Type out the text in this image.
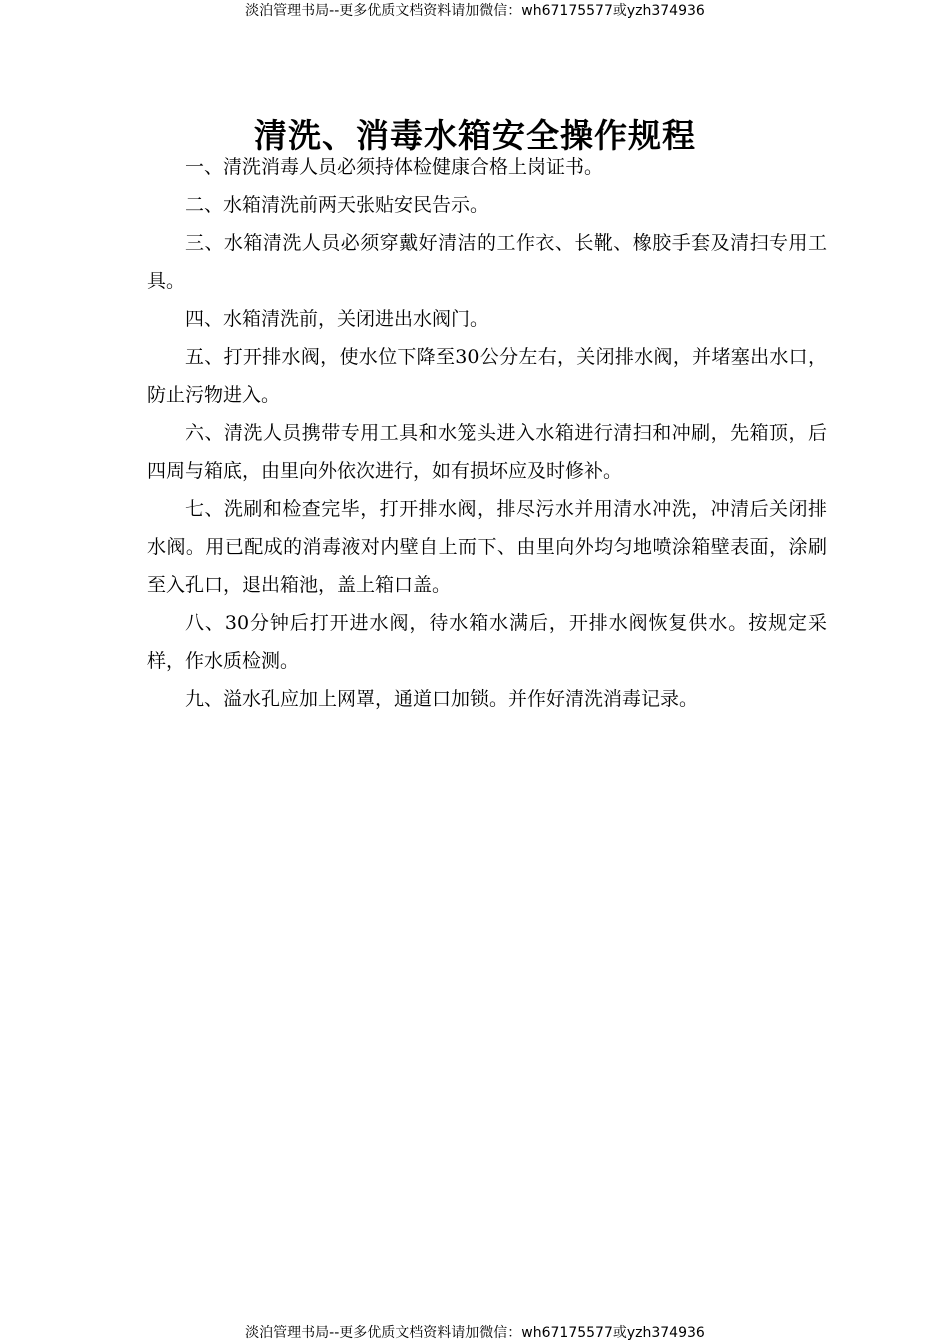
淡泊管理书局--更多优质文档资料请加微信：wh67175577或yzh374936
清洗、消毒水箱安全操作规程

一、清洗消毒人员必须持体检健康合格上岗证书。

二、水箱清洗前两天张贴安民告示。

三、水箱清洗人员必须穿戴好清洁的工作衣、长靴、橡胶手套及清扫专用工具。

四、水箱清洗前，关闭进出水阀门。

五、打开排水阀，使水位下降至30公分左右，关闭排水阀，并堵塞出水口， 防止污物进入。

六、清洗人员携带专用工具和水笼头进入水箱进行清扫和冲刷，先箱顶，后 四周与箱底，由里向外依次进行，如有损坏应及时修补。

七、洗刷和检查完毕，打开排水阀，排尽污水并用清水冲洗，冲清后关闭排水阀。用已配成的消毒液对内壁自上而下、由里向外均匀地喷涂箱壁表面，涂刷 至入孔口，退出箱池，盖上箱口盖。

八、30分钟后打开进水阀，待水箱水满后，开排水阀恢复供水。按规定采样，作水质检测。

九、溢水孔应加上网罩，通道口加锁。并作好清洗消毒记录。

淡泊管理书局--更多优质文档资料请加微信：wh67175577或yzh374936
